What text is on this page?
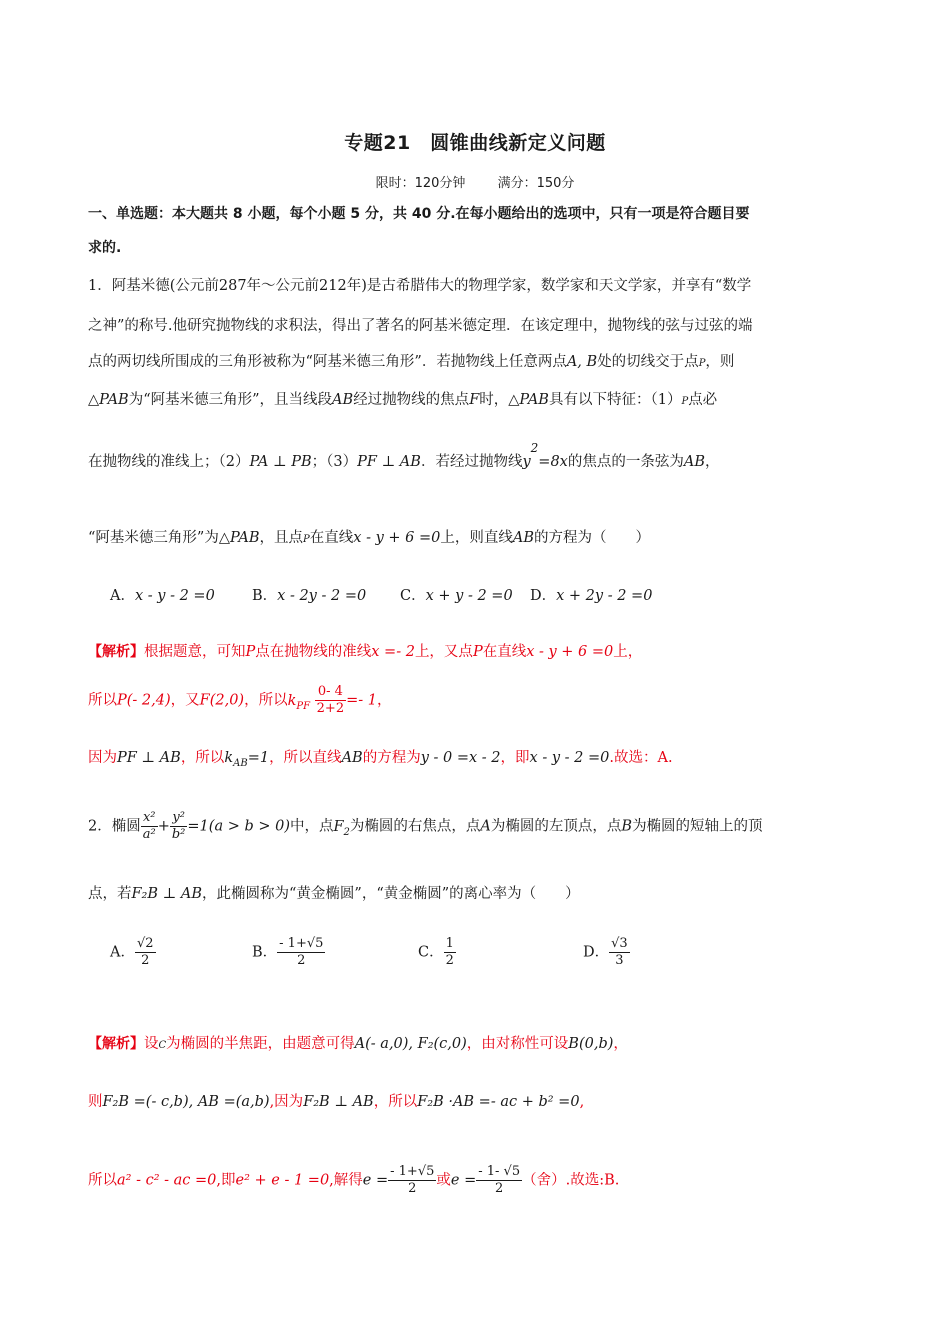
专题21　圆锥曲线新定义问题
限时：120分钟 满分：150分
一、单选题：本大题共 8 小题，每个小题 5 分，共 40 分.在每小题给出的选项中，只有一项是符合题目要
求的.
1．阿基米德(公元前287年～公元前212年)是古希腊伟大的物理学家，数学家和天文学家，并享有“数学
之神”的称号.他研究抛物线的求积法，得出了著名的阿基米德定理．在该定理中，抛物线的弦与过弦的端
点的两切线所围成的三角形被称为“阿基米德三角形”．若抛物线上任意两点A, B处的切线交于点P，则
△PAB为“阿基米德三角形”，且当线段AB经过抛物线的焦点F时，△PAB具有以下特征：（1）P点必
在抛物线的准线上；（2）PA ⊥ PB；（3）PF ⊥ AB．若经过抛物线$y^2=8x$的焦点的一条弦为AB，
“阿基米德三角形”为△PAB，且点P在直线x - y + 6 =0上，则直线AB的方程为（　　）
A．x - y - 2 =0	B．x - 2y - 2 =0 C．x + y - 2 =0 D．x + 2y - 2 =0
【解析】根据题意，可知P点在抛物线的准线x =- 2上，又点P在直线x - y + 6 =0上，
所以P(- 2,4)，又F(2,0)，所以$k_{PF} \frac{0- 4}{2+2} =- 1$，
因为PF ⊥ AB，所以$k_{AB}=1$，所以直线AB的方程为y - 0 =x - 2，即x - y - 2 =0.故选：A.
2．椭圆 $\frac{\text{x²}}{\text{a²}} + \frac{\text{y²}}{\text{b²}} =1(a > b > 0)$中，点$F_2$为椭圆的右焦点，点A为椭圆的左顶点，点B为椭圆的短轴上的顶
点，若F₂B ⊥ AB，此椭圆称为“黄金椭圆”，“黄金椭圆”的离心率为（　　）
A． $\frac{√2}{2}$	B． $\frac{- 1+√5}{2}$	C． $\frac{1}{2}$	D． $\frac{√3}{3}$
【解析】设C为椭圆的半焦距，由题意可得A(- a,0), F₂(c,0)，由对称性可设B(0,b)，
则F₂B =(- c,b), AB =(a,b),因为F₂B ⊥ AB，所以F₂B ·AB =- ac + b² =0,
所以a² - c² - ac =0,即e² + e - 1 =0,解得$e = \frac{- 1+√5}{2}$ 或$e = \frac{- 1- √5}{2}$ （舍）.故选:B.
